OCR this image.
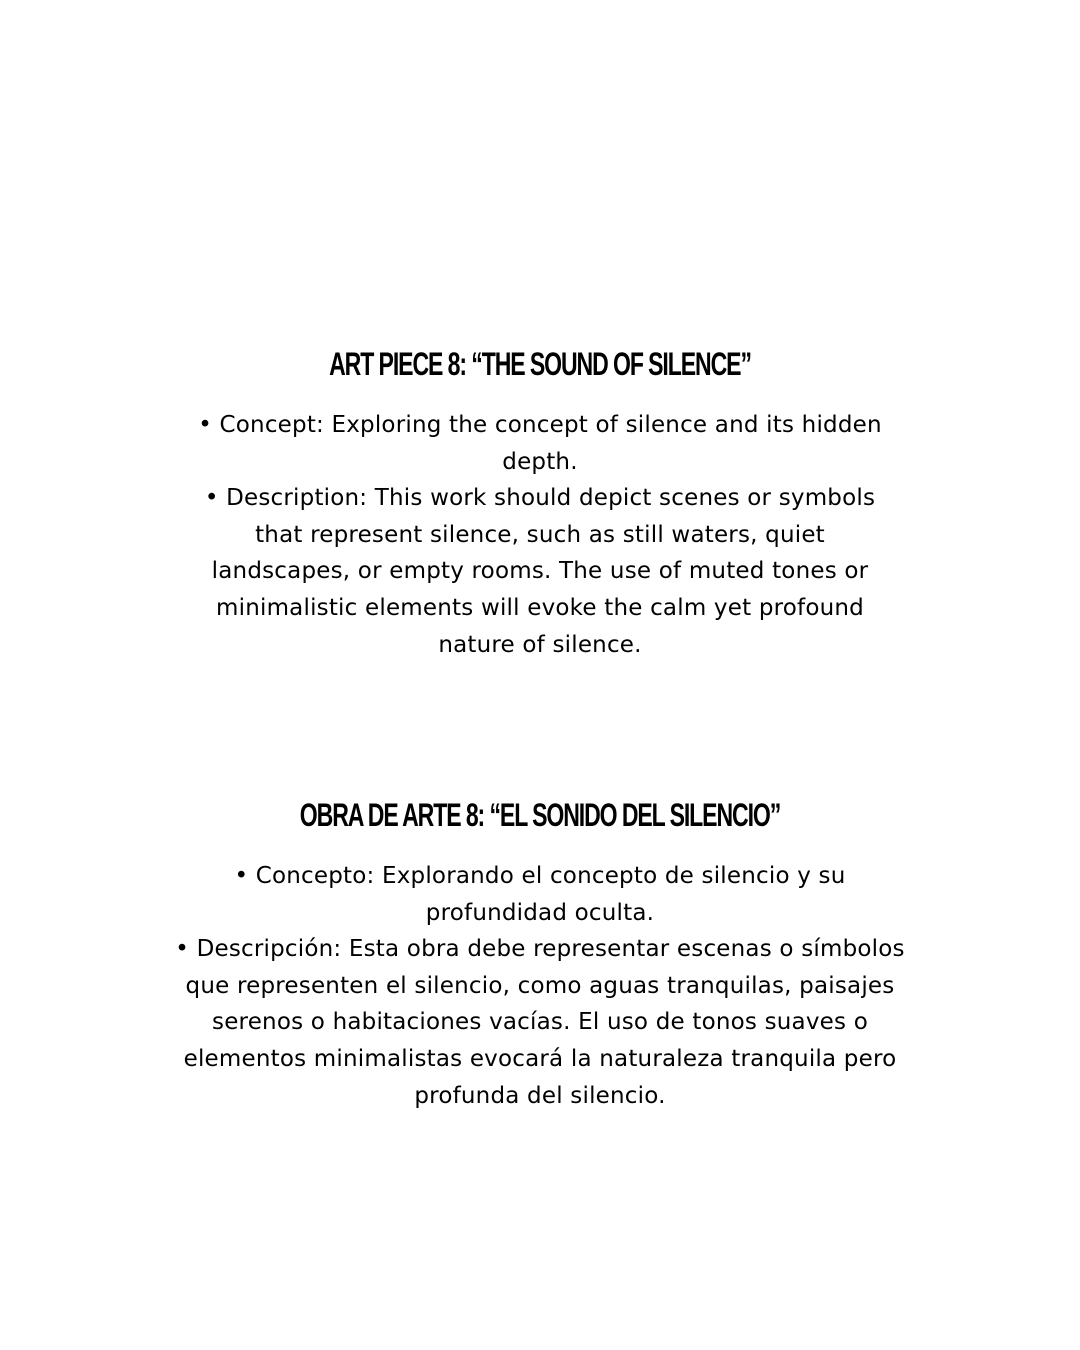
ART PIECE 8: “THE SOUND OF SILENCE”
• Concept: Exploring the concept of silence and its hidden depth.
• Description: This work should depict scenes or symbols that represent silence, such as still waters, quiet landscapes, or empty rooms. The use of muted tones or minimalistic elements will evoke the calm yet profound nature of silence.
OBRA DE ARTE 8: “EL SONIDO DEL SILENCIO”
• Concepto: Explorando el concepto de silencio y su profundidad oculta.
• Descripción: Esta obra debe representar escenas o símbolos que representen el silencio, como aguas tranquilas, paisajes serenos o habitaciones vacías. El uso de tonos suaves o elementos minimalistas evocará la naturaleza tranquila pero profunda del silencio.
